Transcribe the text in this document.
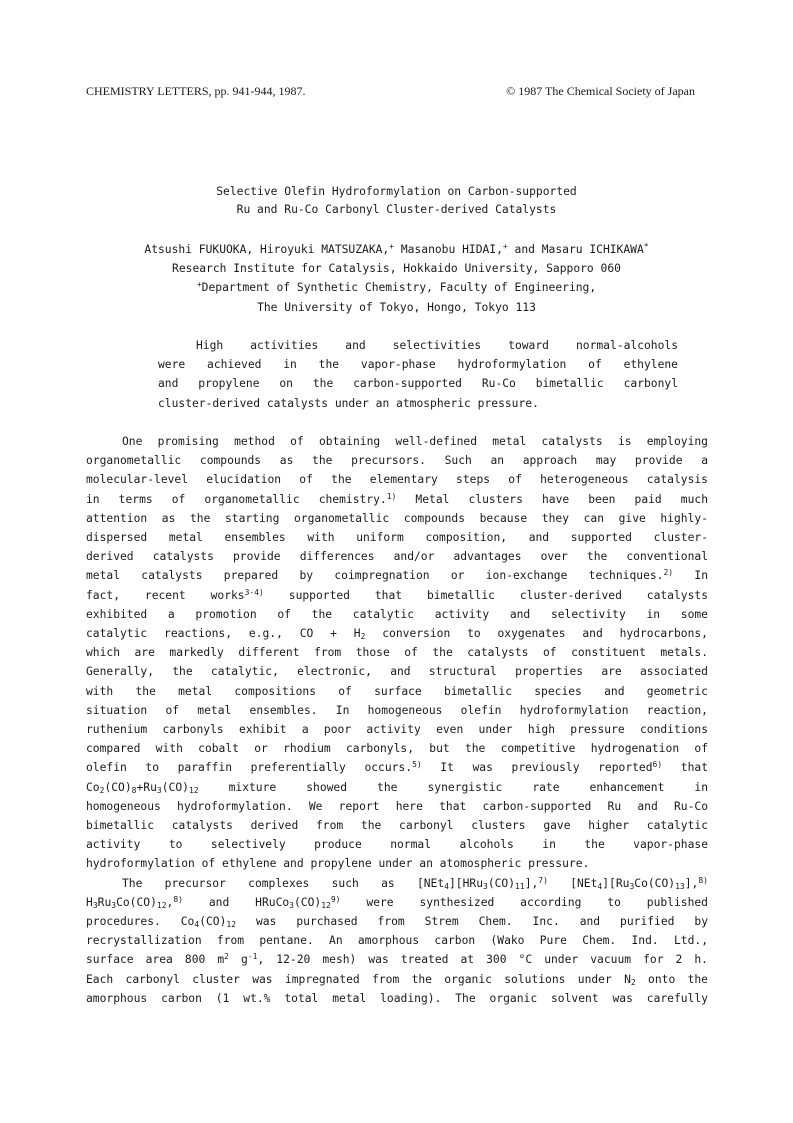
CHEMISTRY LETTERS, pp. 941-944, 1987.	© 1987 The Chemical Society of Japan
Selective Olefin Hydroformylation on Carbon-supported
Ru and Ru-Co Carbonyl Cluster-derived Catalysts
Atsushi FUKUOKA, Hiroyuki MATSUZAKA,+ Masanobu HIDAI,+ and Masaru ICHIKAWA*
Research Institute for Catalysis, Hokkaido University, Sapporo 060
+Department of Synthetic Chemistry, Faculty of Engineering,
The University of Tokyo, Hongo, Tokyo 113
High activities and selectivities toward normal-alcohols
were achieved in the vapor-phase hydroformylation of ethylene
and propylene on the carbon-supported Ru-Co bimetallic carbonyl
cluster-derived catalysts under an atmospheric pressure.
One promising method of obtaining well-defined metal catalysts is employing
organometallic compounds as the precursors. Such an approach may provide a
molecular-level elucidation of the elementary steps of heterogeneous catalysis
in terms of organometallic chemistry.$^{1)}$ Metal clusters have been paid much
attention as the starting organometallic compounds because they can give highly-
dispersed metal ensembles with uniform composition, and supported cluster-
derived catalysts provide differences and/or advantages over the conventional
metal catalysts prepared by coimpregnation or ion-exchange techniques.$^{2)}$ In
fact, recent works$^{3-4)}$ supported that bimetallic cluster-derived catalysts
exhibited a promotion of the catalytic activity and selectivity in some
catalytic reactions, e.g., CO + $H_2$ conversion to oxygenates and hydrocarbons,
which are markedly different from those of the catalysts of constituent metals.
Generally, the catalytic, electronic, and structural properties are associated
with the metal compositions of surface bimetallic species and geometric
situation of metal ensembles. In homogeneous olefin hydroformylation reaction,
ruthenium carbonyls exhibit a poor activity even under high pressure conditions
compared with cobalt or rhodium carbonyls, but the competitive hydrogenation of
olefin to paraffin preferentially occurs.$^{5)}$ It was previously reported$^{6)}$ that
$Co_2(CO)_8+Ru_3(CO)_{12}$ mixture showed the synergistic rate enhancement in
homogeneous hydroformylation. We report here that carbon-supported Ru and Ru-Co
bimetallic catalysts derived from the carbonyl clusters gave higher catalytic
activity to selectively produce normal alcohols in the vapor-phase
hydroformylation of ethylene and propylene under an atomospheric pressure.
The precursor complexes such as $[NEt_4][HRu_3(CO)_{11}],^{7)}$ $[NEt_4][Ru_3Co(CO)_{13}],^{8)}$
$H_3Ru_3Co(CO)_{12},^{8)}$ and $HRuCo_3(CO)_{12}^{9)}$ were synthesized according to published
procedures. $Co_4(CO)_{12}$ was purchased from Strem Chem. Inc. and purified by
recrystallization from pentane. An amorphous carbon (Wako Pure Chem. Ind. Ltd.,
surface area 800 $m^2$ $g^{-1}$, 12-20 mesh) was treated at 300 °C under vacuum for 2 h.
Each carbonyl cluster was impregnated from the organic solutions under $N_2$ onto the
amorphous carbon (1 wt.% total metal loading). The organic solvent was carefully
